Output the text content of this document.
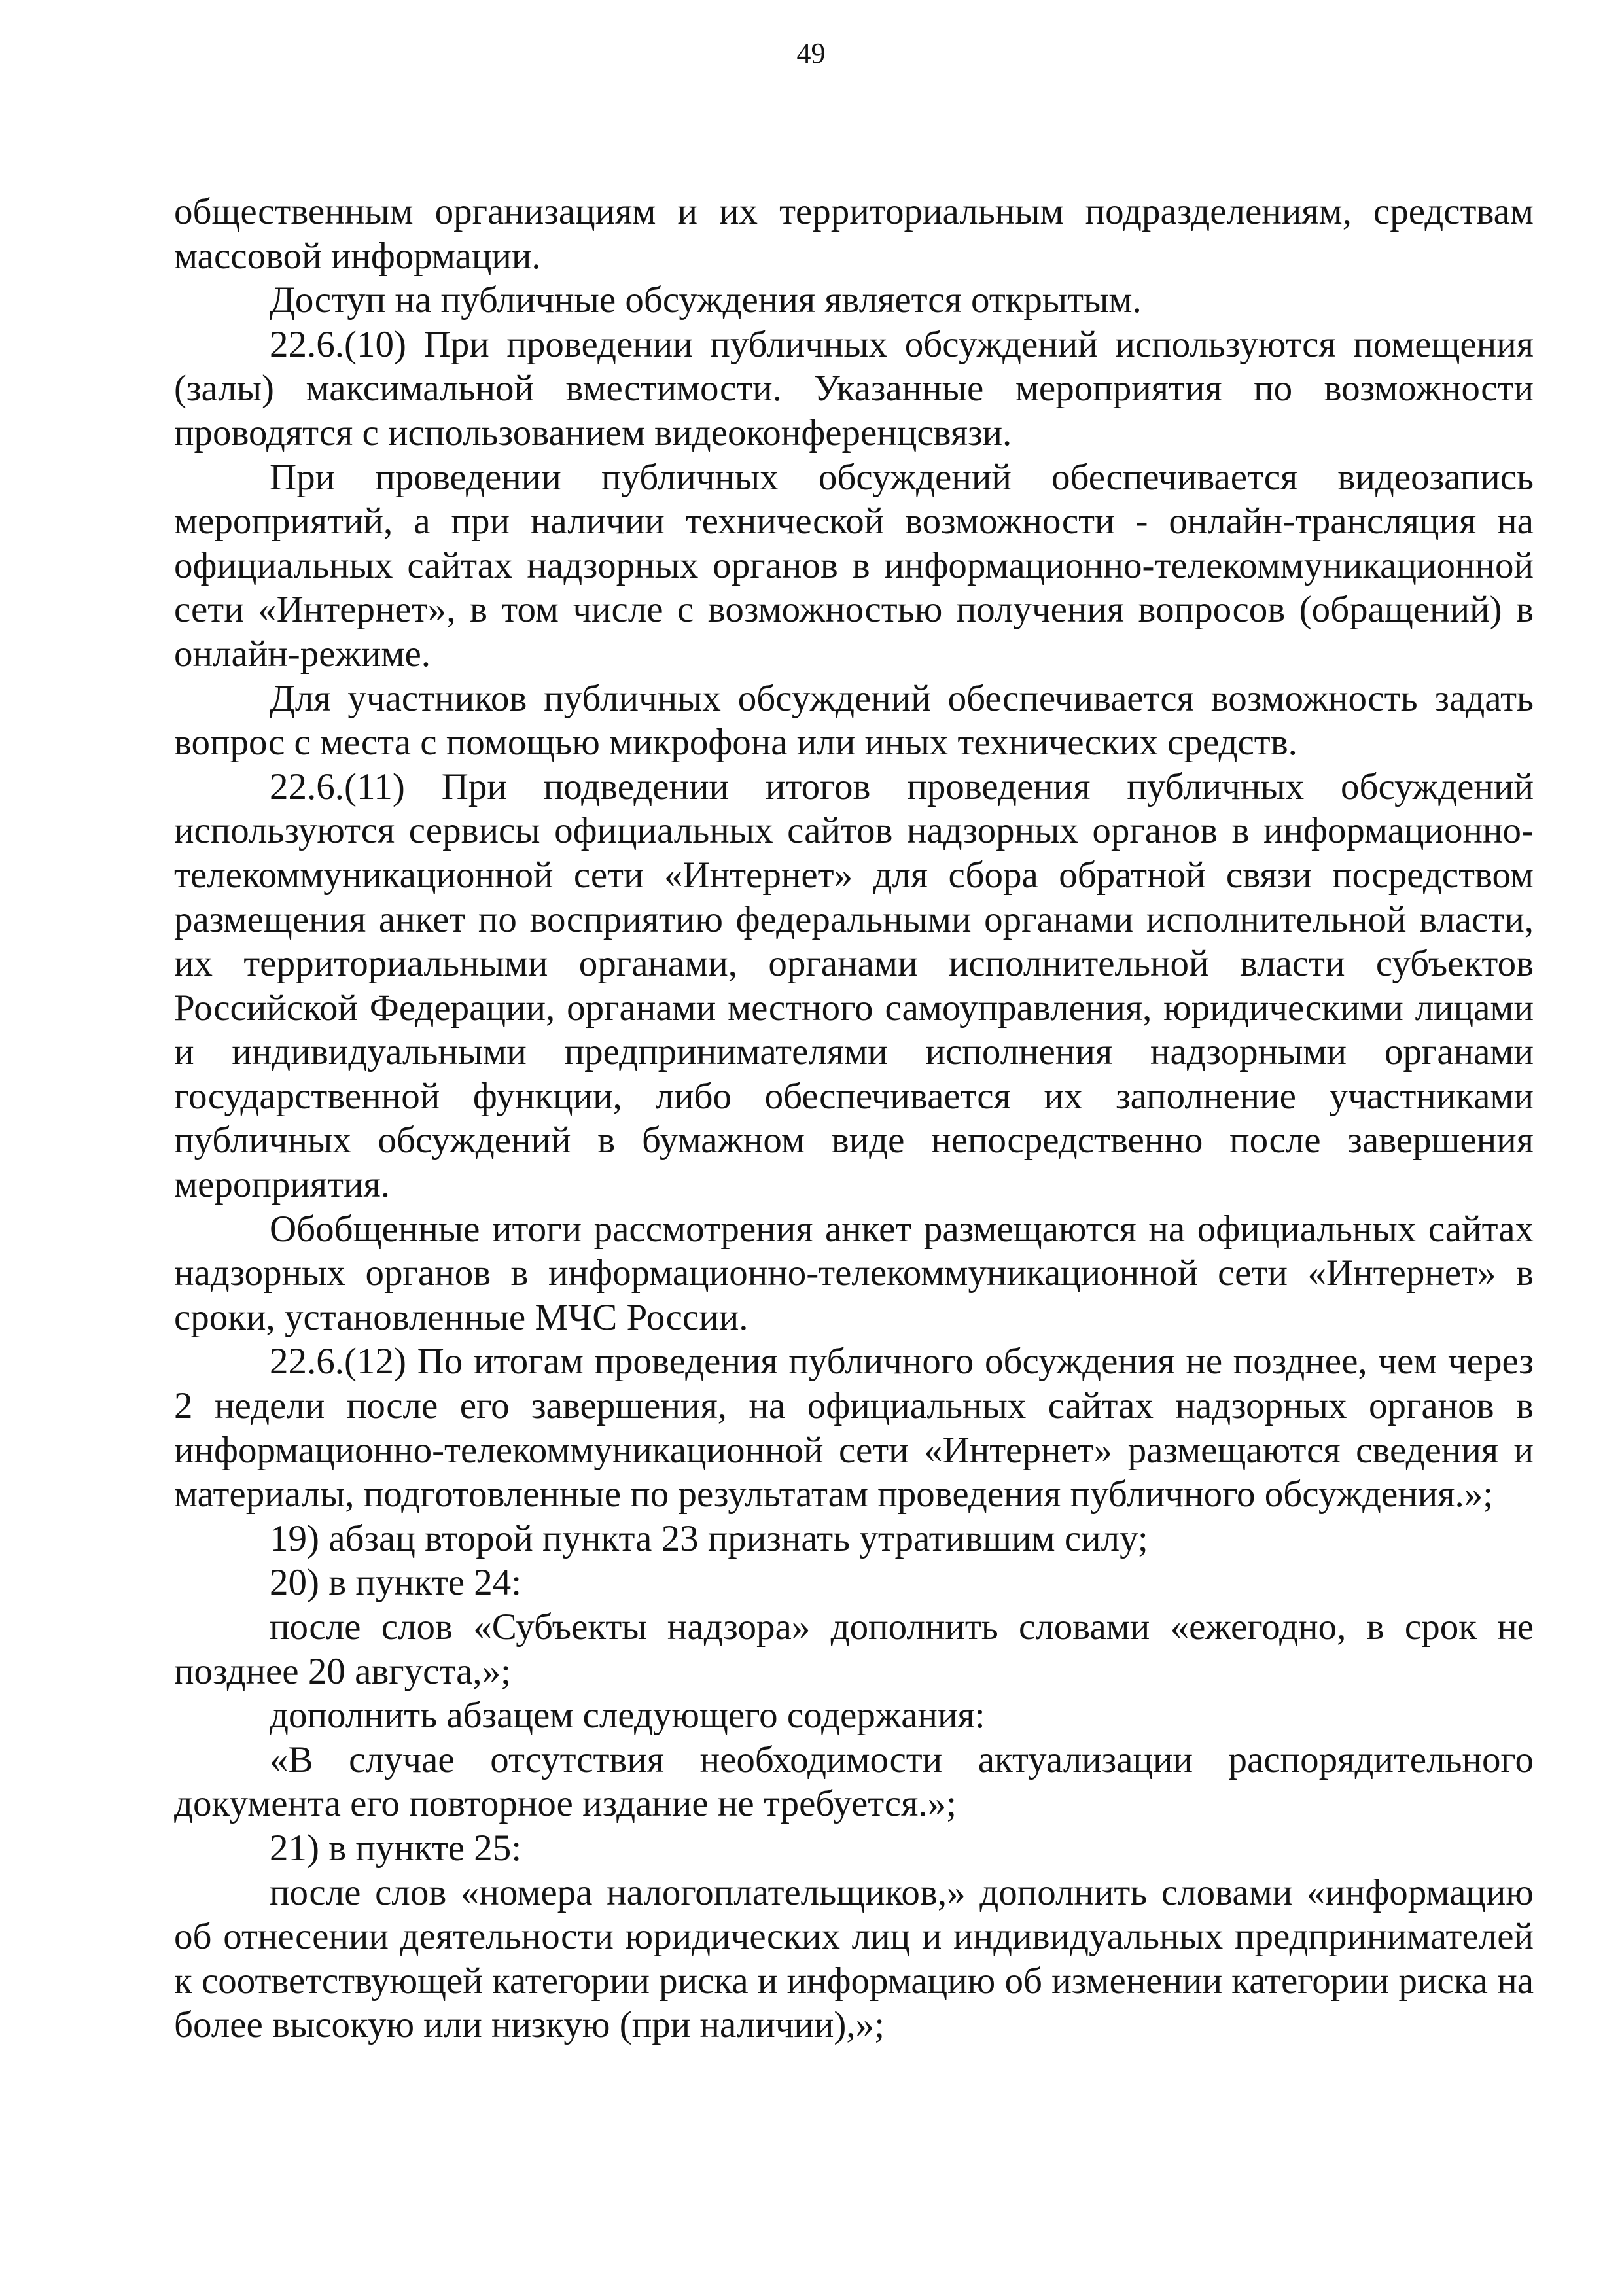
49

общественным организациям и их территориальным подразделениям, средствам массовой информации.

Доступ на публичные обсуждения является открытым.

22.6.(10) При проведении публичных обсуждений используются помещения (залы) максимальной вместимости. Указанные мероприятия по возможности проводятся с использованием видеоконференцсвязи.

При проведении публичных обсуждений обеспечивается видеозапись мероприятий, а при наличии технической возможности - онлайн-трансляция на официальных сайтах надзорных органов в информационно-телекоммуникационной сети «Интернет», в том числе с возможностью получения вопросов (обращений) в онлайн-режиме.

Для участников публичных обсуждений обеспечивается возможность задать вопрос с места с помощью микрофона или иных технических средств.

22.6.(11) При подведении итогов проведения публичных обсуждений используются сервисы официальных сайтов надзорных органов в информационно-телекоммуникационной сети «Интернет» для сбора обратной связи посредством размещения анкет по восприятию федеральными органами исполнительной власти, их территориальными органами, органами исполнительной власти субъектов Российской Федерации, органами местного самоуправления, юридическими лицами и индивидуальными предпринимателями исполнения надзорными органами государственной функции, либо обеспечивается их заполнение участниками публичных обсуждений в бумажном виде непосредственно после завершения мероприятия.

Обобщенные итоги рассмотрения анкет размещаются на официальных сайтах надзорных органов в информационно-телекоммуникационной сети «Интернет» в сроки, установленные МЧС России.

22.6.(12) По итогам проведения публичного обсуждения не позднее, чем через 2 недели после его завершения, на официальных сайтах надзорных органов в информационно-телекоммуникационной сети «Интернет» размещаются сведения и материалы, подготовленные по результатам проведения публичного обсуждения.»;

19) абзац второй пункта 23 признать утратившим силу;

20) в пункте 24:

после слов «Субъекты надзора» дополнить словами «ежегодно, в срок не позднее 20 августа,»;

дополнить абзацем следующего содержания:

«В случае отсутствия необходимости актуализации распорядительного документа его повторное издание не требуется.»;

21) в пункте 25:

после слов «номера налогоплательщиков,» дополнить словами «информацию об отнесении деятельности юридических лиц и индивидуальных предпринимателей к соответствующей категории риска и информацию об изменении категории риска на более высокую или низкую (при наличии),»;
